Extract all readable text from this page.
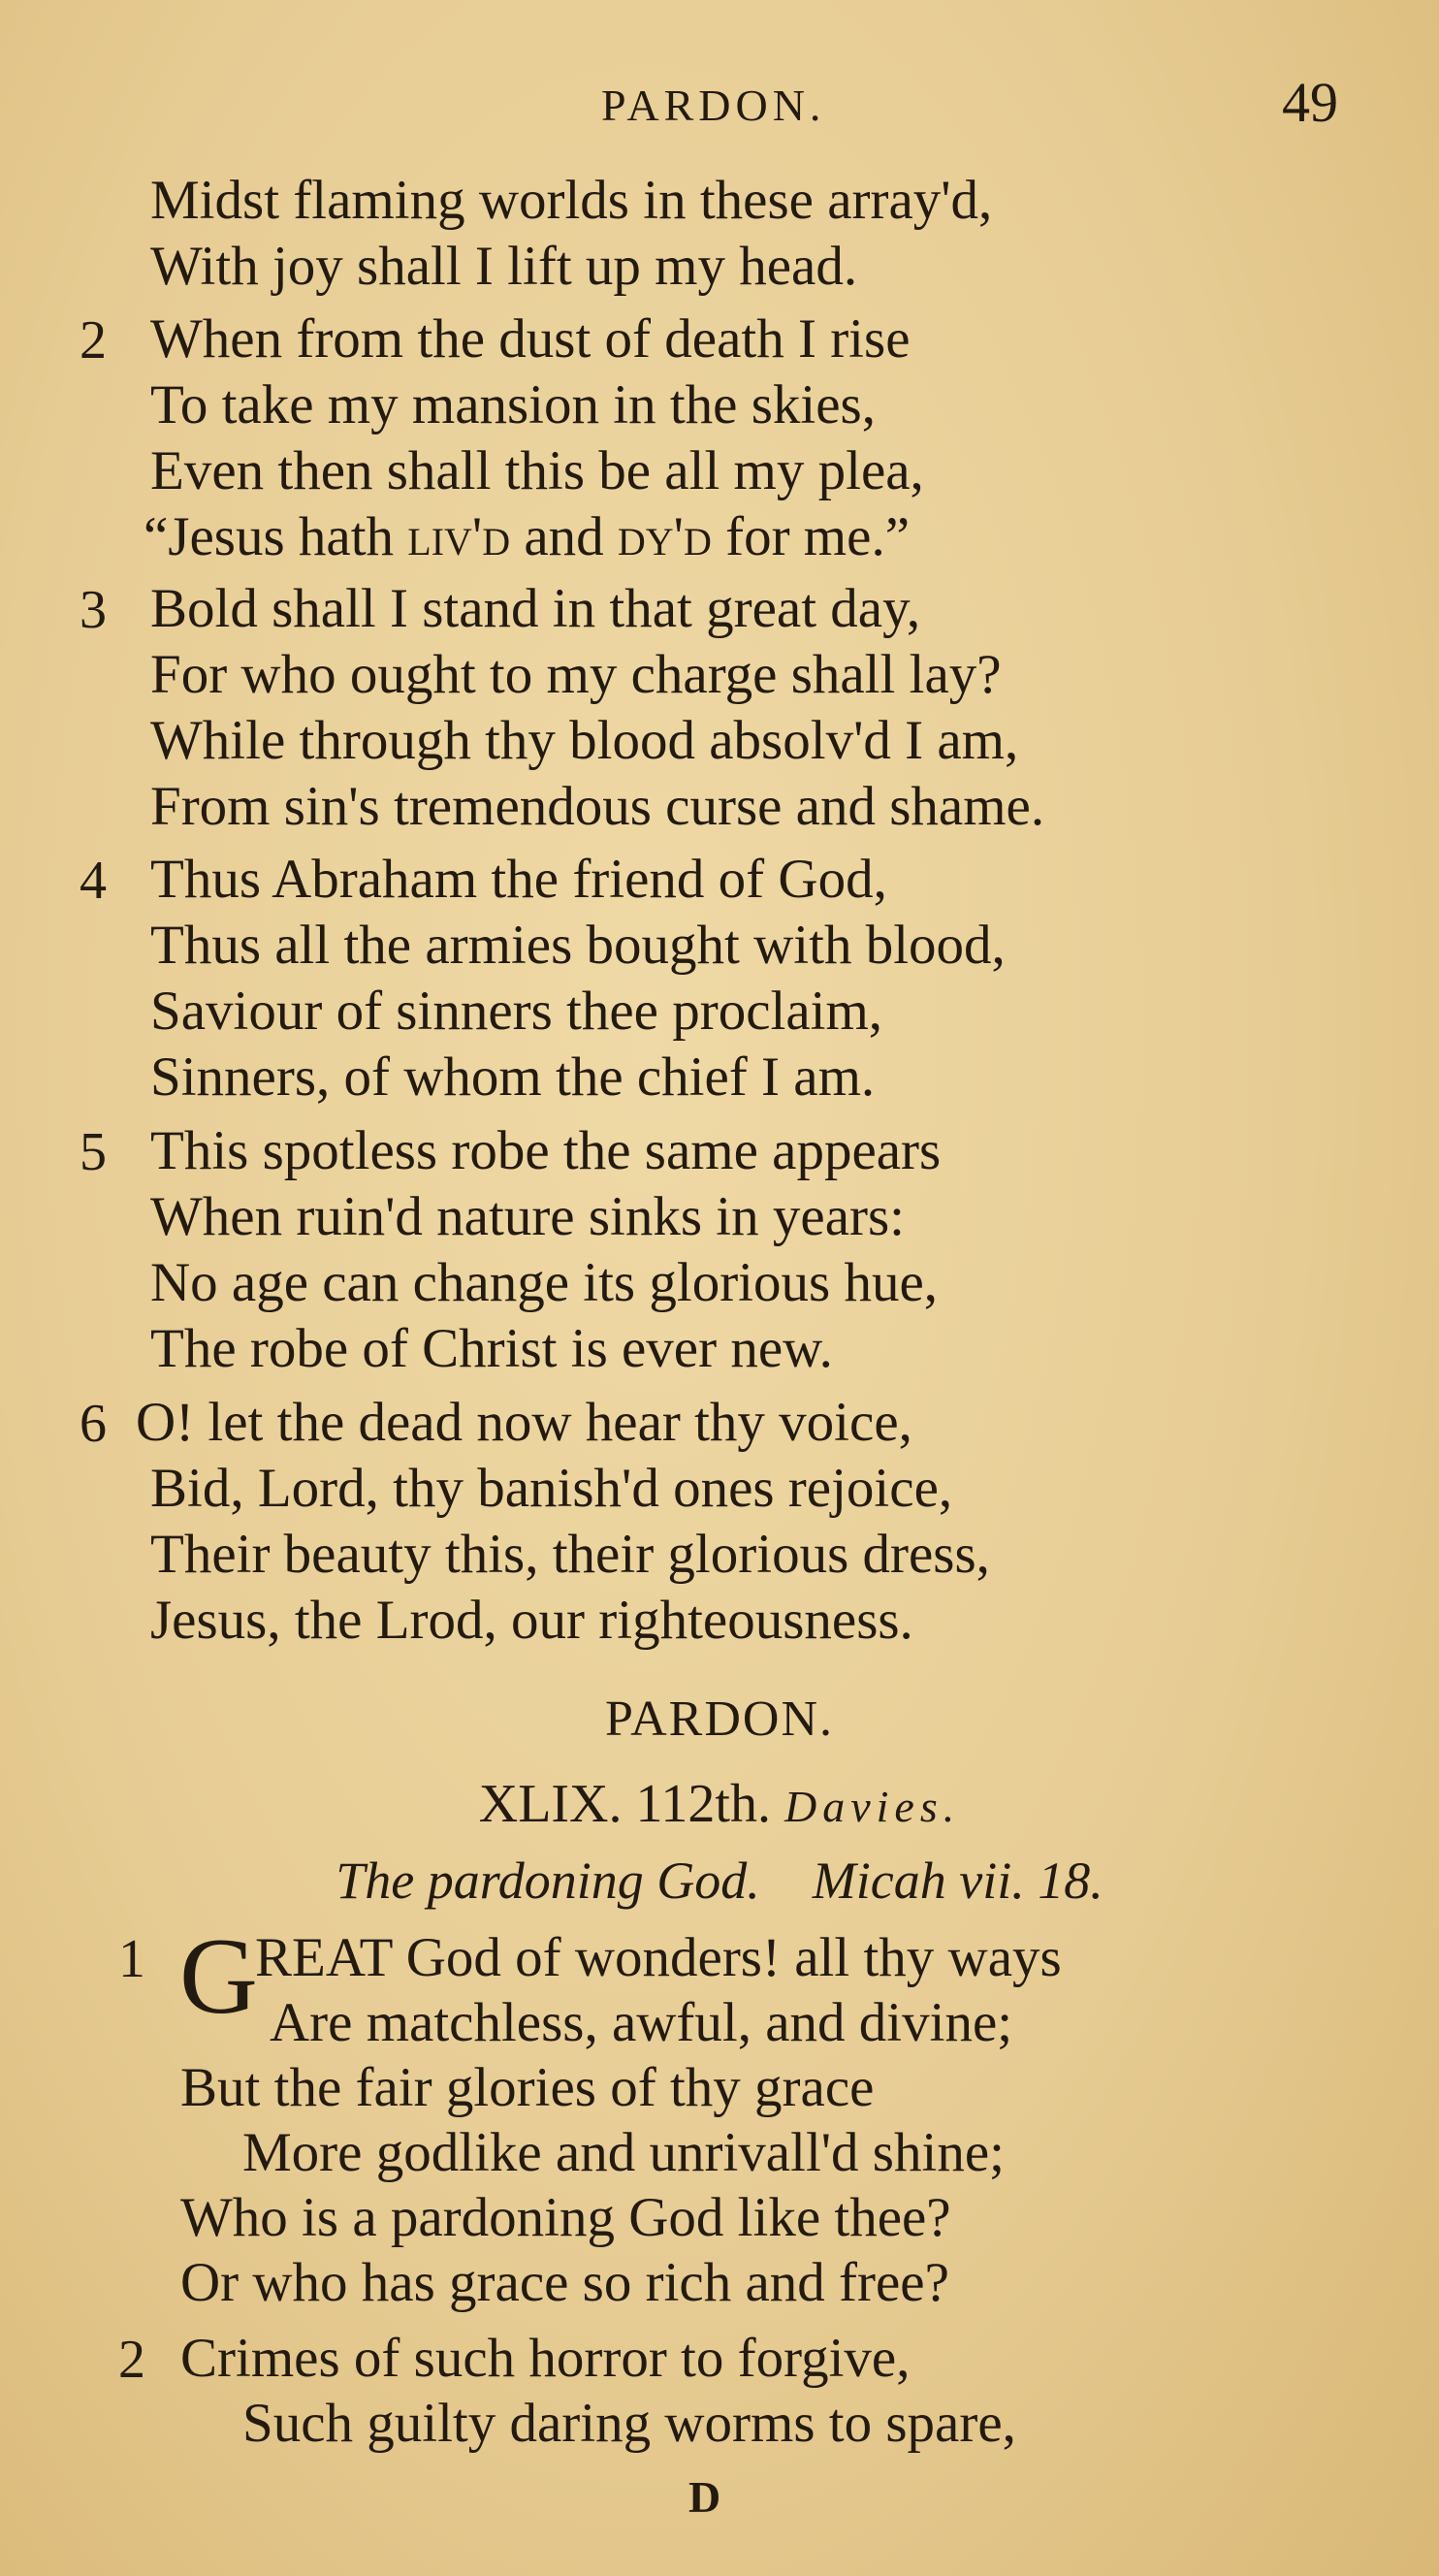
PARDON.	49
Midst flaming worlds in these array'd,
With joy shall I lift up my head.
2 When from the dust of death I rise
To take my mansion in the skies,
Even then shall this be all my plea,
“Jesus hath liv'd and dy'd for me.”
3 Bold shall I stand in that great day,
For who ought to my charge shall lay?
While through thy blood absolv'd I am,
From sin's tremendous curse and shame.
4 Thus Abraham the friend of God,
Thus all the armies bought with blood,
Saviour of sinners thee proclaim,
Sinners, of whom the chief I am.
5 This spotless robe the same appears
When ruin'd nature sinks in years:
No age can change its glorious hue,
The robe of Christ is ever new.
6 O! let the dead now hear thy voice,
Bid, Lord, thy banish'd ones rejoice,
Their beauty this, their glorious dress,
Jesus, the Lrod, our righteousness.
PARDON.
XLIX. 112th. Davies.
The pardoning God. Micah vii. 18.
1 G
REAT God of wonders! all thy ways
Are matchless, awful, and divine;
But the fair glories of thy grace
More godlike and unrivall'd shine;
Who is a pardoning God like thee?
Or who has grace so rich and free?
2 Crimes of such horror to forgive,
Such guilty daring worms to spare,
D
